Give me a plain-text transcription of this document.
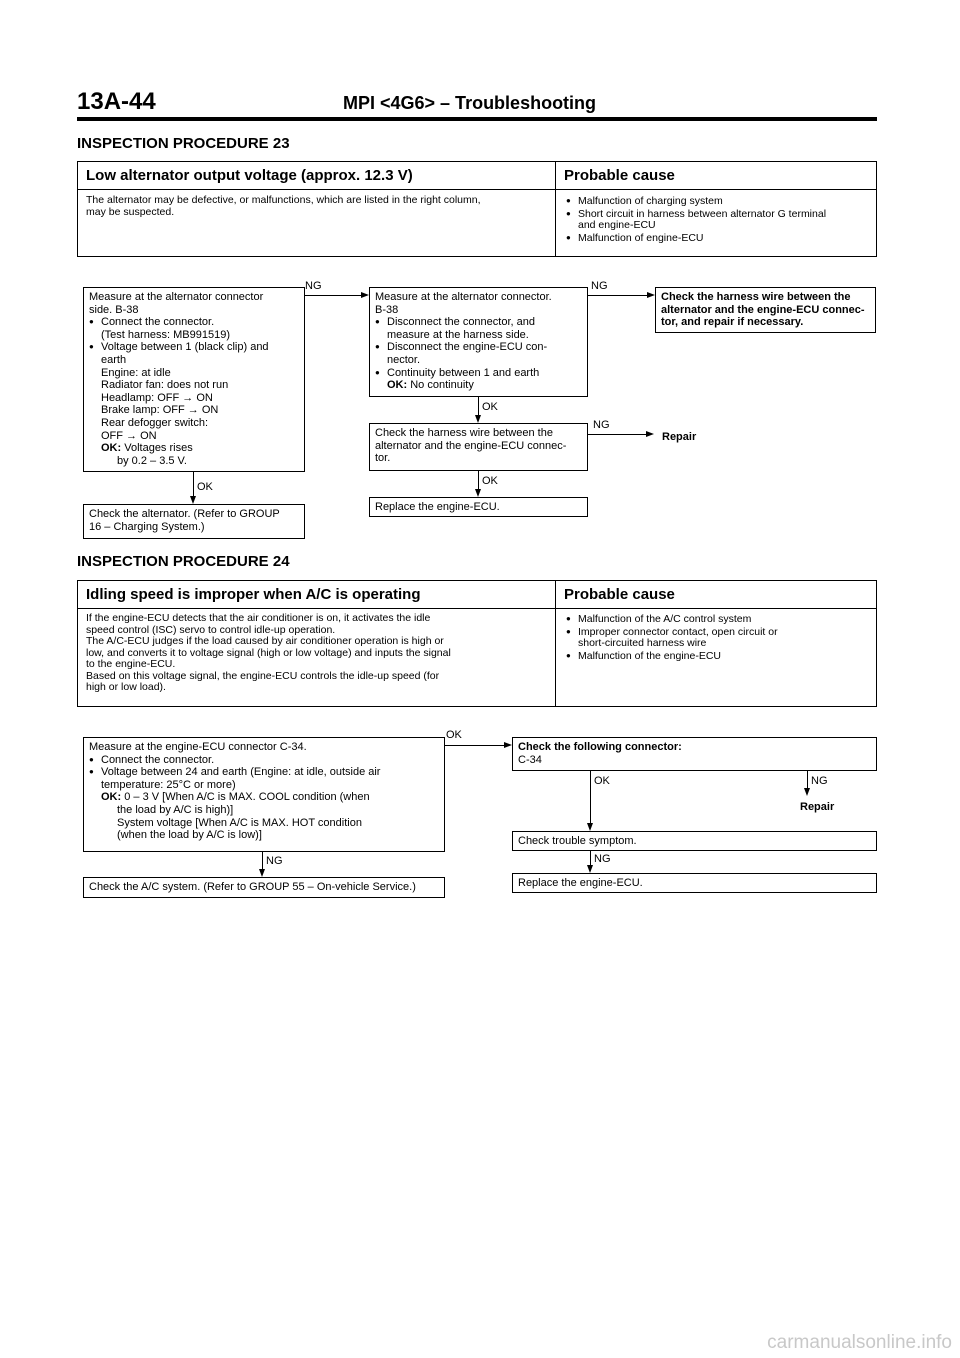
13A-44	MPI <4G6> – Troubleshooting
INSPECTION PROCEDURE 23
Low alternator output voltage (approx. 12.3 V)	Probable cause
The alternator may be defective, or malfunctions, which are listed in the right column,
may be suspected.
● Malfunction of charging system
● Short circuit in harness between alternator G terminal
and engine-ECU
● Malfunction of engine-ECU
Measure at the alternator connector
side. B-38
● Connect the connector.
(Test harness: MB991519)
● Voltage between 1 (black clip) and
earth
Engine: at idle
Radiator fan: does not run
Headlamp: OFF → ON
Brake lamp: OFF → ON
Rear defogger switch:
OFF → ON
OK: Voltages rises
by 0.2 – 3.5 V.
Measure at the alternator connector.
B-38
● Disconnect the connector, and
measure at the harness side.
● Disconnect the engine-ECU con-
nector.
● Continuity between 1 and earth
OK: No continuity
Check the harness wire between the
alternator and the engine-ECU connec-
tor, and repair if necessary.
Check the harness wire between the
alternator and the engine-ECU connec-
tor.
Check the alternator. (Refer to GROUP
16 – Charging System.)
Replace the engine-ECU.
Repair
NG	NG
NG
OK
OK
OK
INSPECTION PROCEDURE 24
Idling speed is improper when A/C is operating	Probable cause
If the engine-ECU detects that the air conditioner is on, it activates the idle
speed control (ISC) servo to control idle-up operation.
The A/C-ECU judges if the load caused by air conditioner operation is high or
low, and converts it to voltage signal (high or low voltage) and inputs the signal
to the engine-ECU.
Based on this voltage signal, the engine-ECU controls the idle-up speed (for
high or low load).
● Malfunction of the A/C control system
● Improper connector contact, open circuit or
short-circuited harness wire
● Malfunction of the engine-ECU
Measure at the engine-ECU connector C-34.
● Connect the connector.
● Voltage between 24 and earth (Engine: at idle, outside air
temperature: 25°C or more)
OK: 0 – 3 V [When A/C is MAX. COOL condition (when
the load by A/C is high)]
System voltage [When A/C is MAX. HOT condition
(when the load by A/C is low)]
Check the following connector:
C-34
Check the A/C system. (Refer to GROUP 55 – On-vehicle Service.)
Check trouble symptom.
Replace the engine-ECU.
Repair
OK
NG
OK	NG
NG
carmanualsonline.info
